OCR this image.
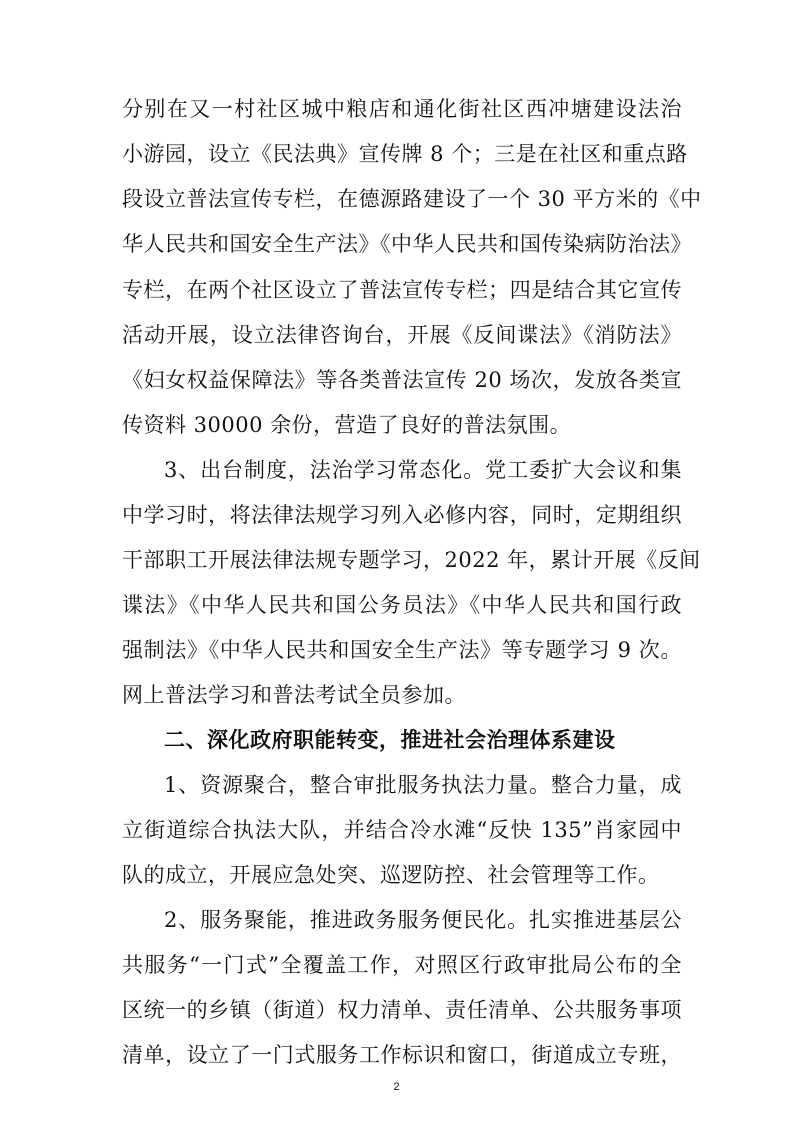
分别在又一村社区城中粮店和通化街社区西冲塘建设法治
小游园，设立《民法典》宣传牌 8 个；三是在社区和重点路
段设立普法宣传专栏，在德源路建设了一个 30 平方米的《中
华人民共和国安全生产法》《中华人民共和国传染病防治法》
专栏，在两个社区设立了普法宣传专栏；四是结合其它宣传
活动开展，设立法律咨询台，开展《反间谍法》《消防法》
《妇女权益保障法》等各类普法宣传 20 场次，发放各类宣
传资料 30000 余份，营造了良好的普法氛围。
3、出台制度，法治学习常态化。党工委扩大会议和集
中学习时，将法律法规学习列入必修内容，同时，定期组织
干部职工开展法律法规专题学习，2022 年，累计开展《反间
谍法》《中华人民共和国公务员法》《中华人民共和国行政
强制法》《中华人民共和国安全生产法》等专题学习 9 次。
网上普法学习和普法考试全员参加。
二、深化政府职能转变，推进社会治理体系建设
1、资源聚合，整合审批服务执法力量。整合力量，成
立街道综合执法大队，并结合冷水滩“反快 135”肖家园中
队的成立，开展应急处突、巡逻防控、社会管理等工作。
2、服务聚能，推进政务服务便民化。扎实推进基层公
共服务“一门式”全覆盖工作，对照区行政审批局公布的全
区统一的乡镇（街道）权力清单、责任清单、公共服务事项
清单，设立了一门式服务工作标识和窗口，街道成立专班，
2
